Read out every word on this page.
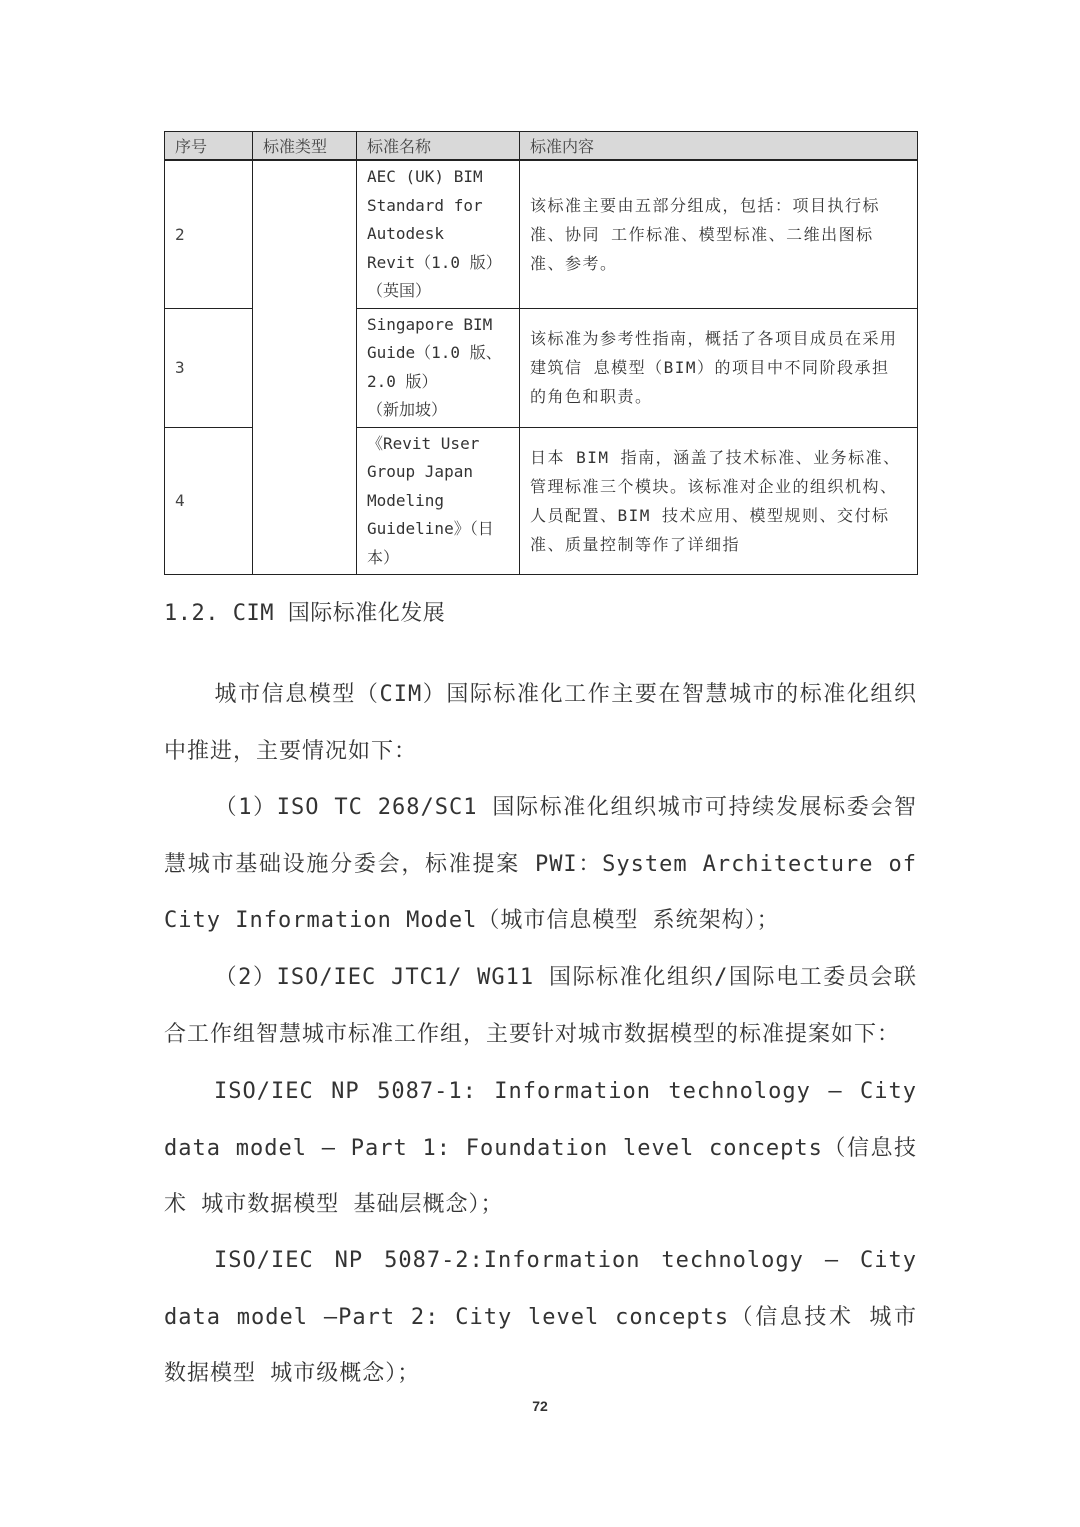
序号	标准类型	标准名称	标准内容
2		AEC (UK) BIM
Standard for
Autodesk
Revit（1.0 版）
（英国）	该标准主要由五部分组成，包括：项目执行标准、协同 工作标准、模型标准、二维出图标准、参考。
3		Singapore BIM
Guide（1.0 版、
2.0 版）
（新加坡）	该标准为参考性指南，概括了各项目成员在采用建筑信 息模型（BIM）的项目中不同阶段承担的角色和职责。
4		《Revit User
Group Japan
Modeling
Guideline》（日
本）	日本 BIM 指南，涵盖了技术标准、业务标准、管理标准三个模块。该标准对企业的组织机构、人员配置、BIM 技术应用、模型规则、交付标准、质量控制等作了详细指
1.2. CIM 国际标准化发展
城市信息模型（CIM）国际标准化工作主要在智慧城市的标准化组织中推进，主要情况如下：
（1）ISO TC 268/SC1 国际标准化组织城市可持续发展标委会智慧城市基础设施分委会，标准提案 PWI：System Architecture of City Information Model（城市信息模型 系统架构）；
（2）ISO/IEC JTC1/ WG11 国际标准化组织/国际电工委员会联合工作组智慧城市标准工作组，主要针对城市数据模型的标准提案如下：
ISO/IEC NP 5087-1: Information technology — City data model — Part 1: Foundation level concepts（信息技术 城市数据模型 基础层概念）；
ISO/IEC NP 5087-2:Information technology — City data model —Part 2: City level concepts（信息技术 城市数据模型 城市级概念）；
72
